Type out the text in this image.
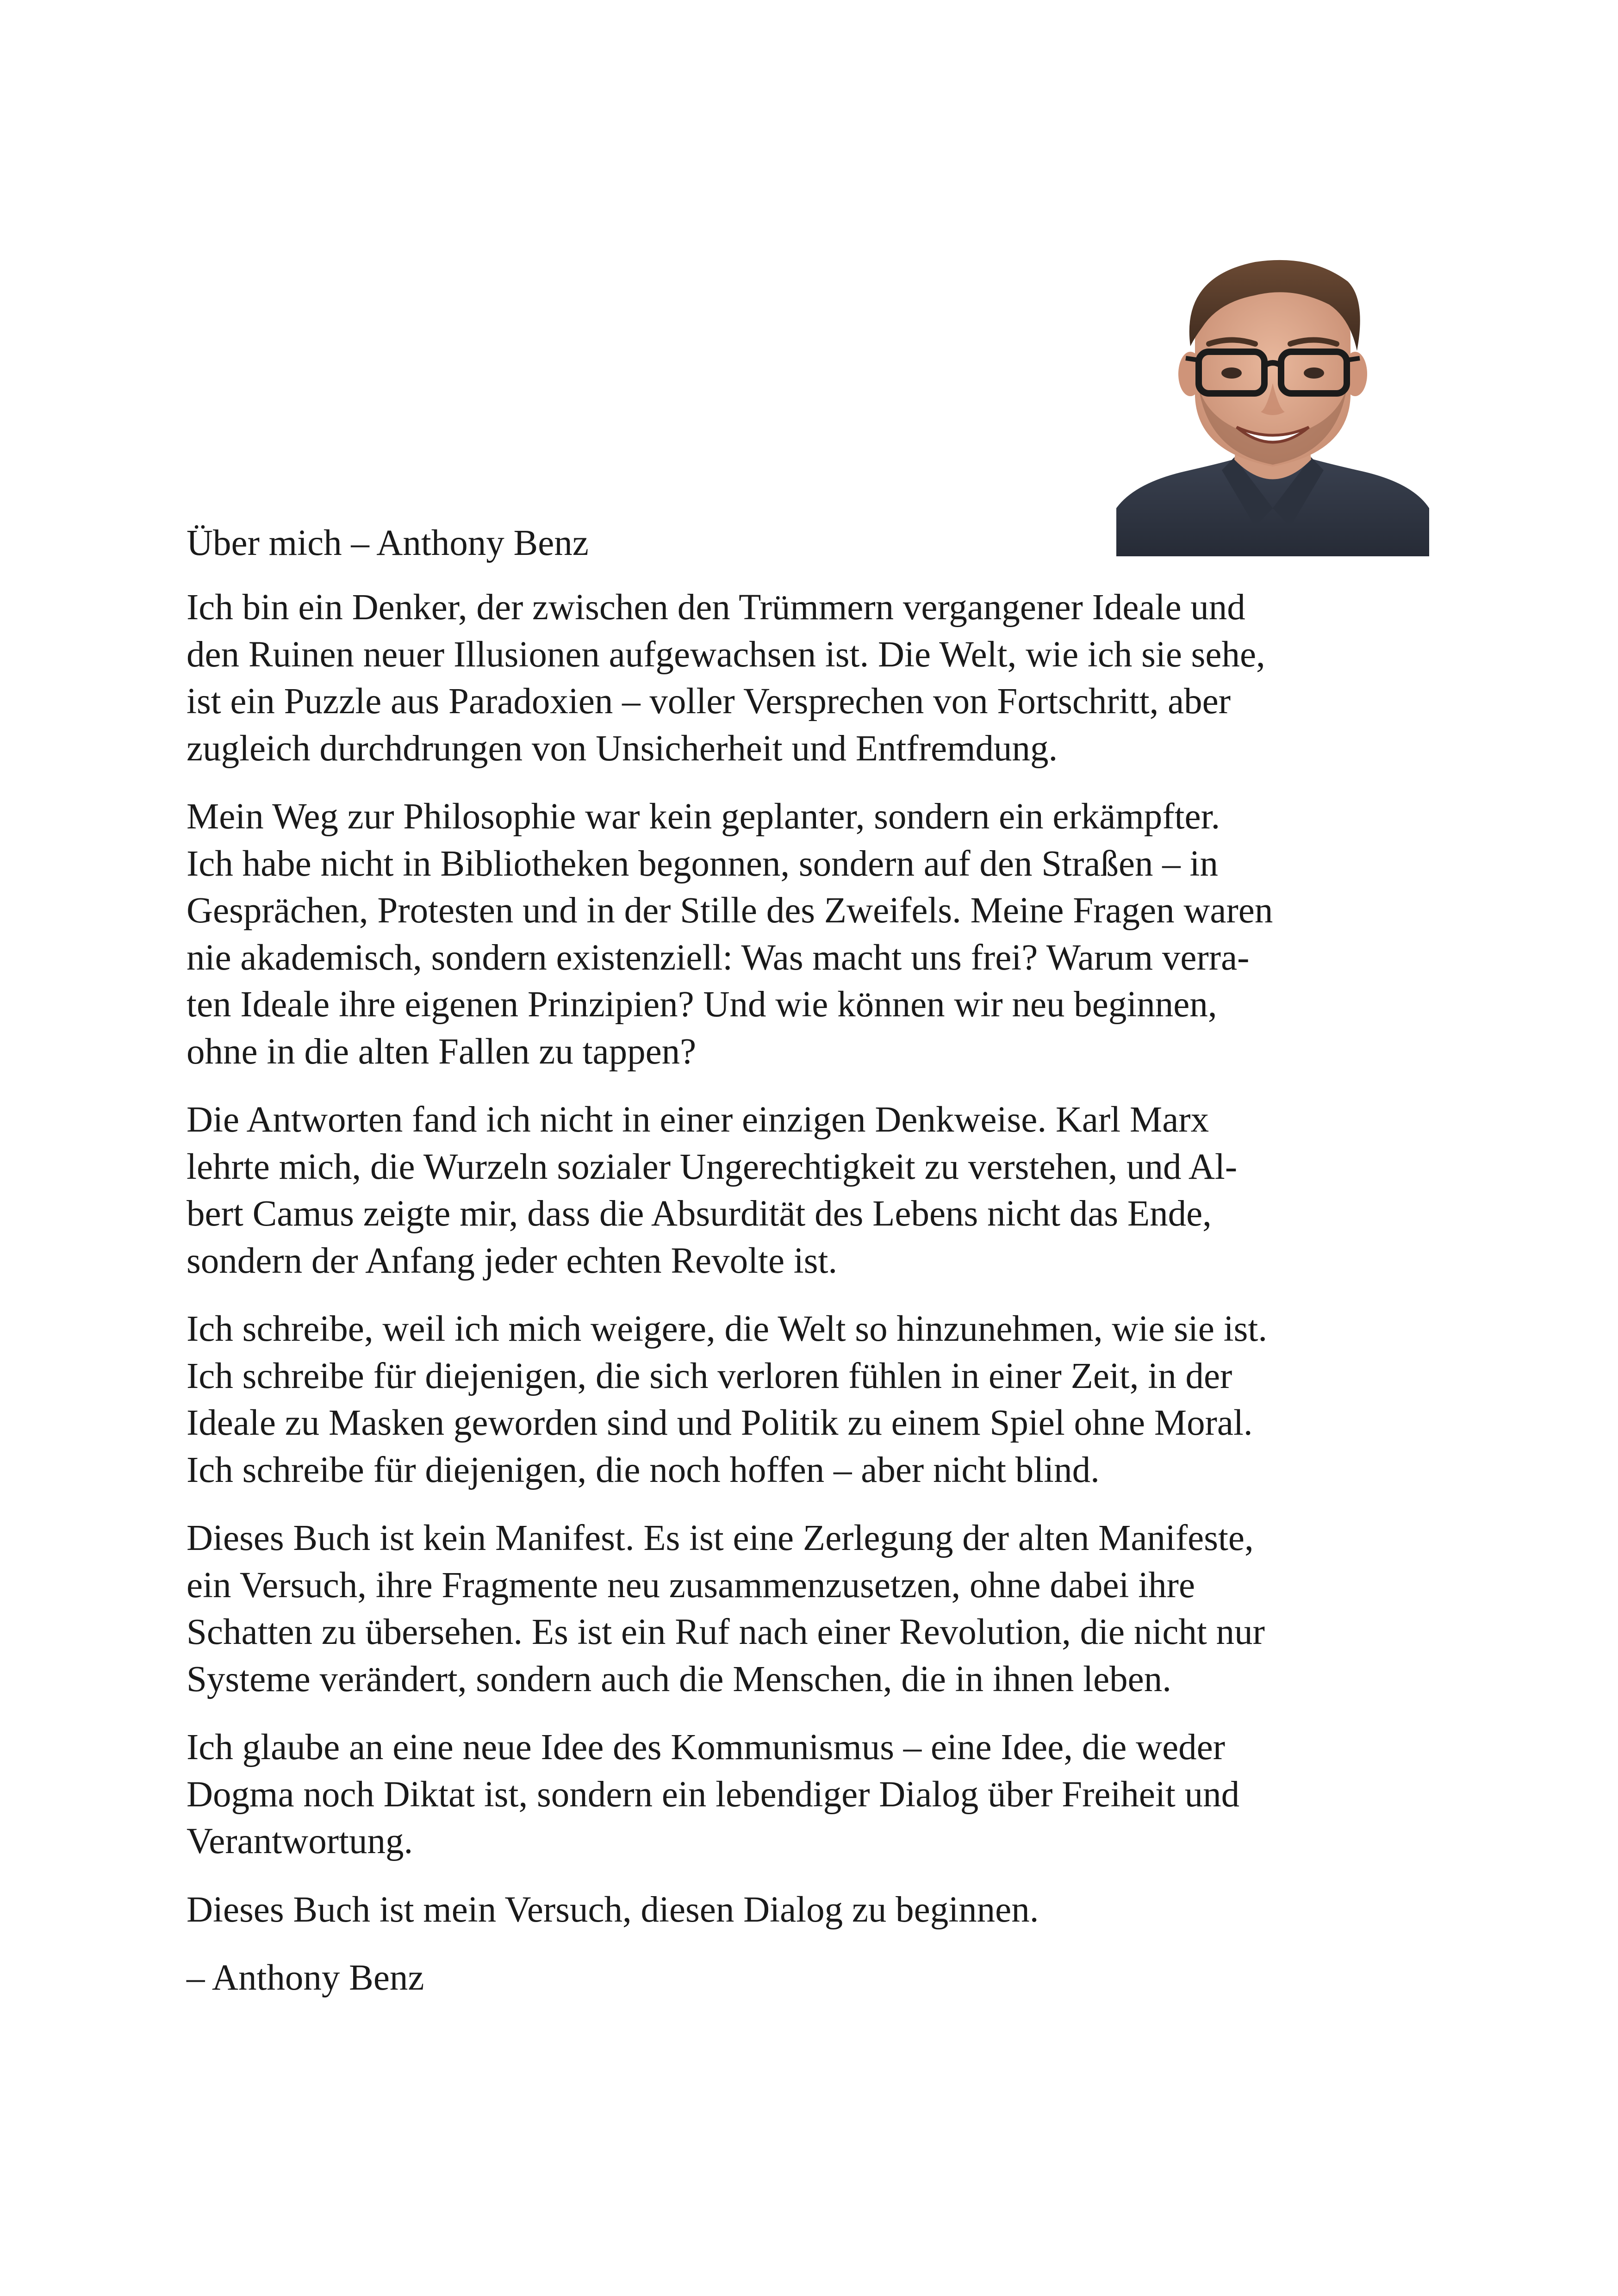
Über mich – Anthony Benz

Ich bin ein Denker, der zwischen den Trümmern vergangener Ideale und
den Ruinen neuer Illusionen aufgewachsen ist. Die Welt, wie ich sie sehe,
ist ein Puzzle aus Paradoxien – voller Versprechen von Fortschritt, aber
zugleich durchdrungen von Unsicherheit und Entfremdung.

Mein Weg zur Philosophie war kein geplanter, sondern ein erkämpfter.
Ich habe nicht in Bibliotheken begonnen, sondern auf den Straßen – in
Gesprächen, Protesten und in der Stille des Zweifels. Meine Fragen waren
nie akademisch, sondern existenziell: Was macht uns frei? Warum verra-
ten Ideale ihre eigenen Prinzipien? Und wie können wir neu beginnen,
ohne in die alten Fallen zu tappen?

Die Antworten fand ich nicht in einer einzigen Denkweise. Karl Marx
lehrte mich, die Wurzeln sozialer Ungerechtigkeit zu verstehen, und Al-
bert Camus zeigte mir, dass die Absurdität des Lebens nicht das Ende,
sondern der Anfang jeder echten Revolte ist.

Ich schreibe, weil ich mich weigere, die Welt so hinzunehmen, wie sie ist.
Ich schreibe für diejenigen, die sich verloren fühlen in einer Zeit, in der
Ideale zu Masken geworden sind und Politik zu einem Spiel ohne Moral.
Ich schreibe für diejenigen, die noch hoffen – aber nicht blind.

Dieses Buch ist kein Manifest. Es ist eine Zerlegung der alten Manifeste,
ein Versuch, ihre Fragmente neu zusammenzusetzen, ohne dabei ihre
Schatten zu übersehen. Es ist ein Ruf nach einer Revolution, die nicht nur
Systeme verändert, sondern auch die Menschen, die in ihnen leben.

Ich glaube an eine neue Idee des Kommunismus – eine Idee, die weder
Dogma noch Diktat ist, sondern ein lebendiger Dialog über Freiheit und
Verantwortung.

Dieses Buch ist mein Versuch, diesen Dialog zu beginnen.

– Anthony Benz
